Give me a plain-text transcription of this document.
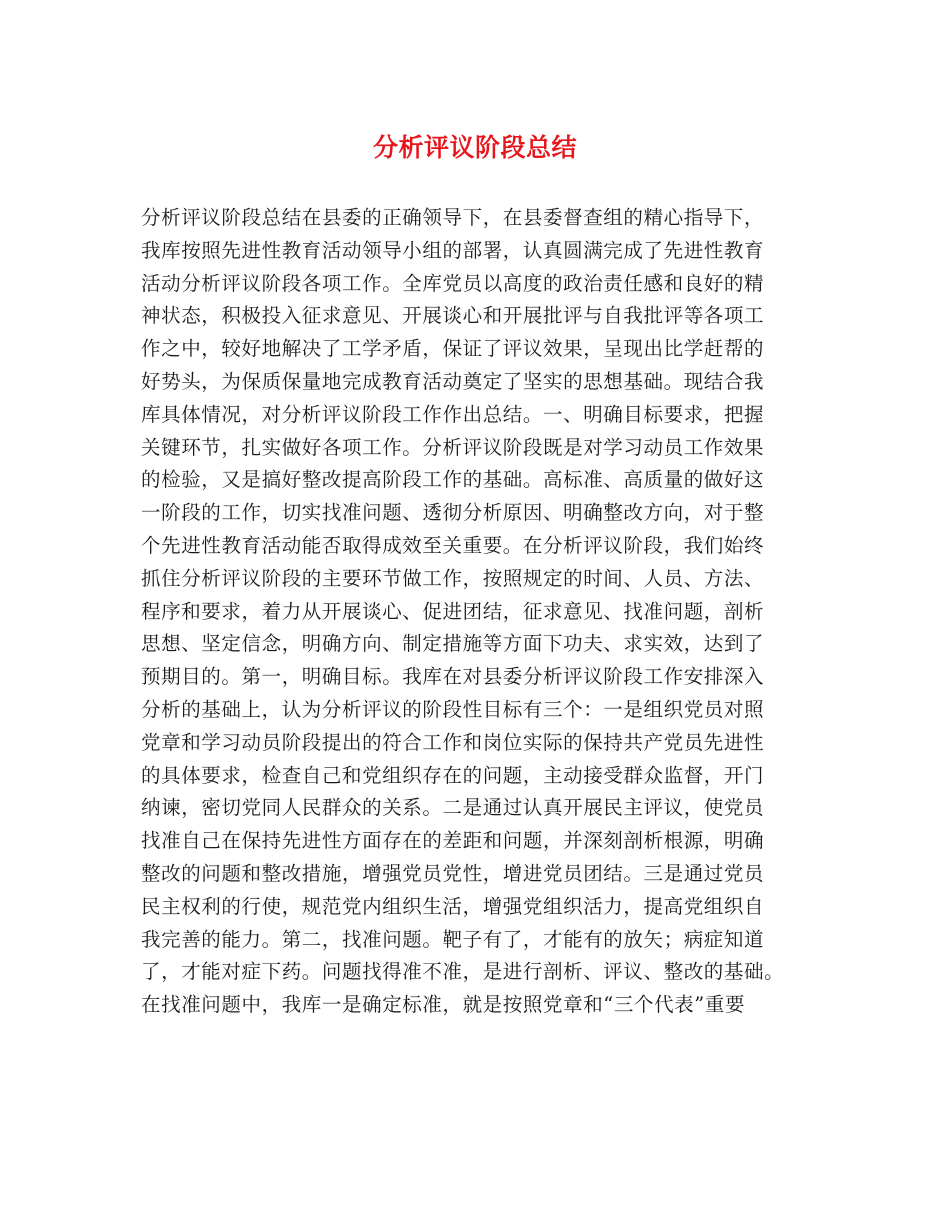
分析评议阶段总结
分析评议阶段总结在县委的正确领导下，在县委督查组的精心指导下，
我库按照先进性教育活动领导小组的部署，认真圆满完成了先进性教育
活动分析评议阶段各项工作。全库党员以高度的政治责任感和良好的精
神状态，积极投入征求意见、开展谈心和开展批评与自我批评等各项工
作之中，较好地解决了工学矛盾，保证了评议效果，呈现出比学赶帮的
好势头，为保质保量地完成教育活动奠定了坚实的思想基础。现结合我
库具体情况，对分析评议阶段工作作出总结。一、明确目标要求，把握
关键环节，扎实做好各项工作。分析评议阶段既是对学习动员工作效果
的检验，又是搞好整改提高阶段工作的基础。高标准、高质量的做好这
一阶段的工作，切实找准问题、透彻分析原因、明确整改方向，对于整
个先进性教育活动能否取得成效至关重要。在分析评议阶段，我们始终
抓住分析评议阶段的主要环节做工作，按照规定的时间、人员、方法、
程序和要求，着力从开展谈心、促进团结，征求意见、找准问题，剖析
思想、坚定信念，明确方向、制定措施等方面下功夫、求实效，达到了
预期目的。第一，明确目标。我库在对县委分析评议阶段工作安排深入
分析的基础上，认为分析评议的阶段性目标有三个：一是组织党员对照
党章和学习动员阶段提出的符合工作和岗位实际的保持共产党员先进性
的具体要求，检查自己和党组织存在的问题，主动接受群众监督，开门
纳谏，密切党同人民群众的关系。二是通过认真开展民主评议，使党员
找准自己在保持先进性方面存在的差距和问题，并深刻剖析根源，明确
整改的问题和整改措施，增强党员党性，增进党员团结。三是通过党员
民主权利的行使，规范党内组织生活，增强党组织活力，提高党组织自
我完善的能力。第二，找准问题。靶子有了，才能有的放矢；病症知道
了，才能对症下药。问题找得准不准，是进行剖析、评议、整改的基础。
在找准问题中，我库一是确定标准，就是按照党章和“三个代表”重要
